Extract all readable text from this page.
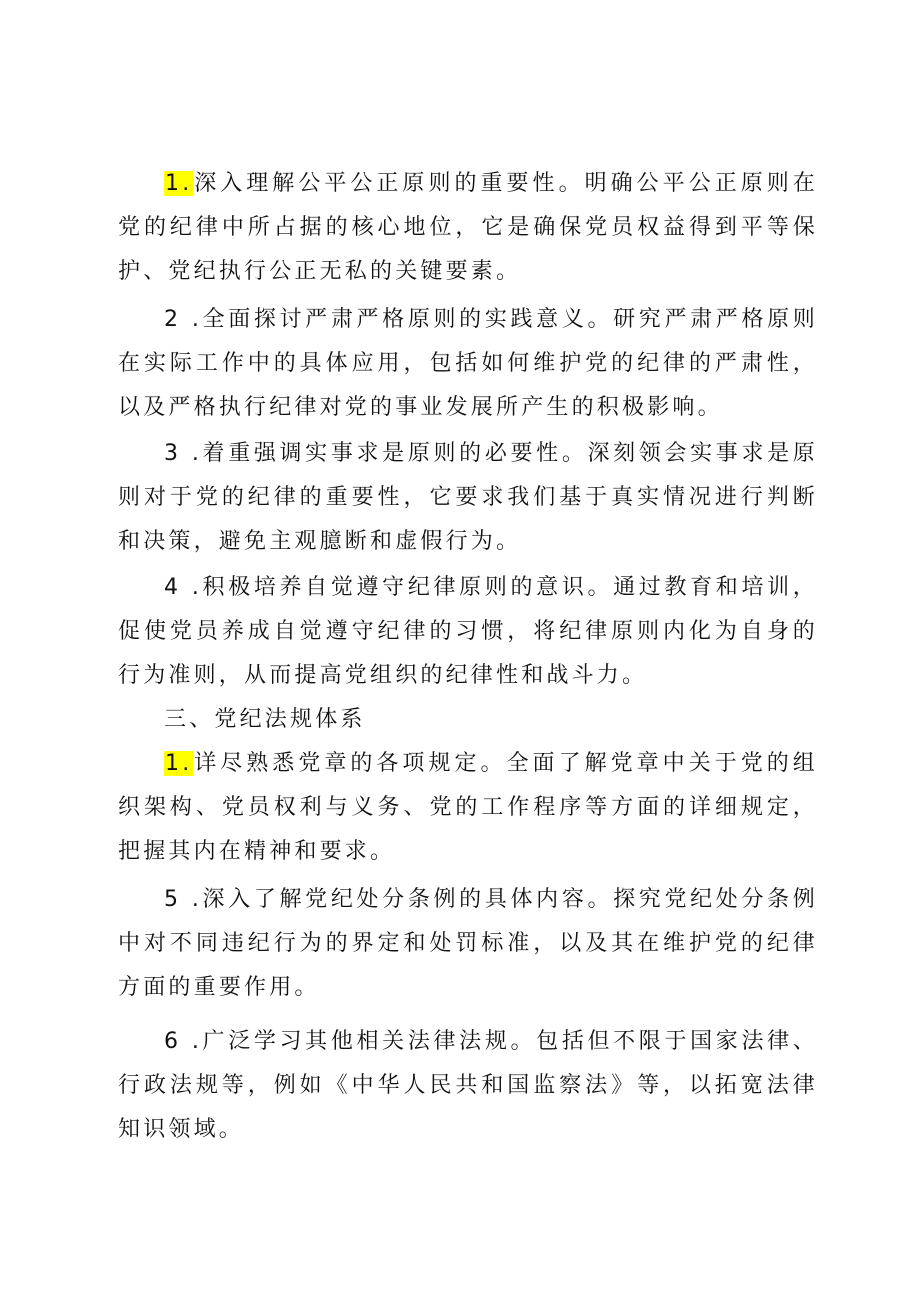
1.深入理解公平公正原则的重要性。明确公平公正原则在党的纪律中所占据的核心地位，它是确保党员权益得到平等保护、党纪执行公正无私的关键要素。

2 .全面探讨严肃严格原则的实践意义。研究严肃严格原则在实际工作中的具体应用，包括如何维护党的纪律的严肃性，以及严格执行纪律对党的事业发展所产生的积极影响。

3 .着重强调实事求是原则的必要性。深刻领会实事求是原则对于党的纪律的重要性，它要求我们基于真实情况进行判断和决策，避免主观臆断和虚假行为。

4 .积极培养自觉遵守纪律原则的意识。通过教育和培训，促使党员养成自觉遵守纪律的习惯，将纪律原则内化为自身的行为准则，从而提高党组织的纪律性和战斗力。

三、党纪法规体系

1.详尽熟悉党章的各项规定。全面了解党章中关于党的组织架构、党员权利与义务、党的工作程序等方面的详细规定，把握其内在精神和要求。

5 .深入了解党纪处分条例的具体内容。探究党纪处分条例中对不同违纪行为的界定和处罚标准，以及其在维护党的纪律方面的重要作用。

6 .广泛学习其他相关法律法规。包括但不限于国家法律、行政法规等，例如《中华人民共和国监察法》等，以拓宽法律知识领域。
